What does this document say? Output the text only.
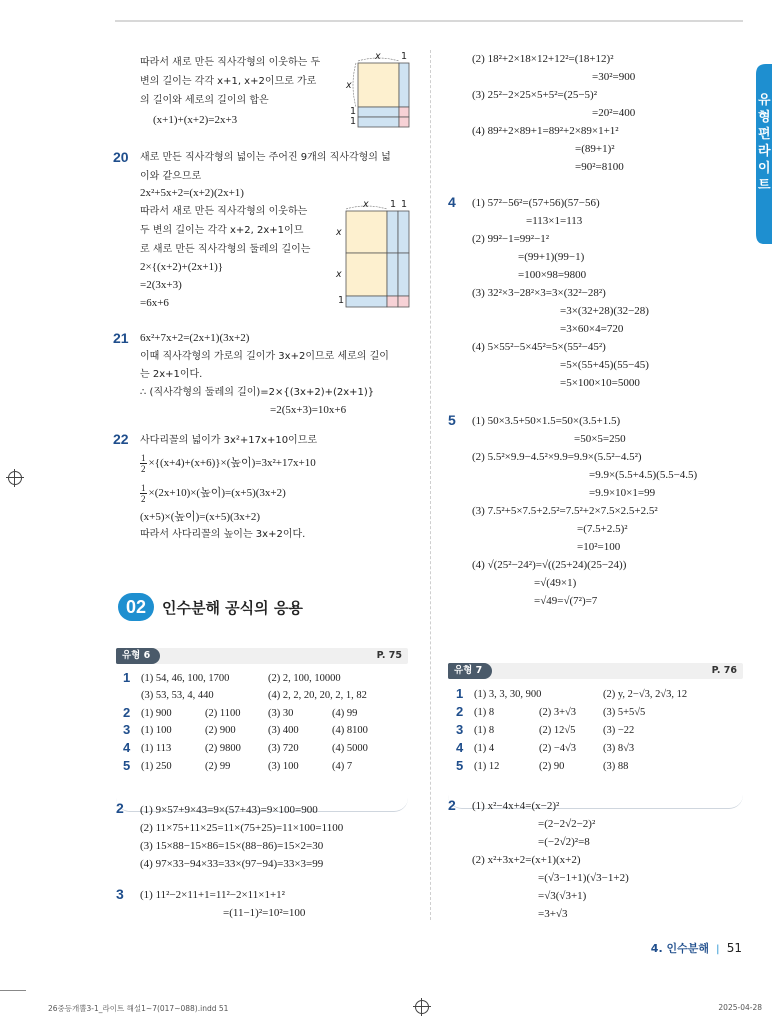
유형편 라이트
따라서 새로 만든 직사각형의 이웃하는 두
변의 길이는 각각 x+1, x+2이므로 가로
의 길이와 세로의 길이의 합은
(x+1)+(x+2)=2x+3
x 1
x
1
1
20 새로 만든 직사각형의 넓이는 주어진 9개의 직사각형의 넓
이와 같으므로
2x²+5x+2=(x+2)(2x+1)
따라서 새로 만든 직사각형의 이웃하는
두 변의 길이는 각각 x+2, 2x+1이므
로 새로 만든 직사각형의 둘레의 길이는
2×{(x+2)+(2x+1)}
=2(3x+3)
=6x+6
x 1 1
x
x
1
21 6x²+7x+2=(2x+1)(3x+2)
이때 직사각형의 가로의 길이가 3x+2이므로 세로의 길이
는 2x+1이다.
∴ (직사각형의 둘레의 길이)=2×{(3x+2)+(2x+1)}
=2(5x+3)=10x+6
22 사다리꼴의 넓이가 3x²+17x+10이므로
$\frac{1}{2} \times\{(x+4)+(x+6)\}\times$(높이)=3x²+17x+10
$\frac{1}{2} \times(2x+10)\times$(높이)=(x+5)(3x+2)
(x+5)×(높이)=(x+5)(3x+2)
따라서 사다리꼴의 높이는 3x+2이다.
02	인수분해 공식의 응용
유형 6	P. 75
1 (1) 54, 46, 100, 1700	(2) 2, 100, 10000
(3) 53, 53, 4, 440	(4) 2, 2, 20, 20, 2, 1, 82
2 (1) 900	(2) 1100	(3) 30	(4) 99
3 (1) 100	(2) 900	(3) 400	(4) 8100
4 (1) 113	(2) 9800	(3) 720	(4) 5000
5 (1) 250	(2) 99	(3) 100	(4) 7
2 (1) 9×57+9×43=9×(57+43)=9×100=900
(2) 11×75+11×25=11×(75+25)=11×100=1100
(3) 15×88−15×86=15×(88−86)=15×2=30
(4) 97×33−94×33=33×(97−94)=33×3=99
3 (1) 11²−2×11+1=11²−2×11×1+1²
=(11−1)²=10²=100
(2) 18²+2×18×12+12²=(18+12)²
=30²=900
(3) 25²−2×25×5+5²=(25−5)²
=20²=400
(4) 89²+2×89+1=89²+2×89×1+1²
=(89+1)²
=90²=8100
4 (1) 57²−56²=(57+56)(57−56)
=113×1=113
(2) 99²−1=99²−1²
=(99+1)(99−1)
=100×98=9800
(3) 32²×3−28²×3=3×(32²−28²)
=3×(32+28)(32−28)
=3×60×4=720
(4) 5×55²−5×45²=5×(55²−45²)
=5×(55+45)(55−45)
=5×100×10=5000
5 (1) 50×3.5+50×1.5=50×(3.5+1.5)
=50×5=250
(2) 5.5²×9.9−4.5²×9.9=9.9×(5.5²−4.5²)
=9.9×(5.5+4.5)(5.5−4.5)
=9.9×10×1=99
(3) 7.5²+5×7.5+2.5²=7.5²+2×7.5×2.5+2.5²
=(7.5+2.5)²
=10²=100
(4) √(25²−24²)=√((25+24)(25−24))
=√(49×1)
=√49=√(7²)=7
유형 7	P. 76
1 (1) 3, 3, 30, 900	(2) y, 2−√3, 2√3, 12
2 (1) 8	(2) 3+√3	(3) 5+5√5
3 (1) 8	(2) 12√5	(3) −22
4 (1) 4	(2) −4√3	(3) 8√3
5 (1) 12	(2) 90	(3) 88
2 (1) x²−4x+4=(x−2)²
=(2−2√2−2)²
=(−2√2)²=8
(2) x²+3x+2=(x+1)(x+2)
=(√3−1+1)(√3−1+2)
=√3(√3+1)
=3+√3
4. 인수분해 | 51
26중등개뿔3-1_라이트 해설1~7(017~088).indd 51	2025-04-28
